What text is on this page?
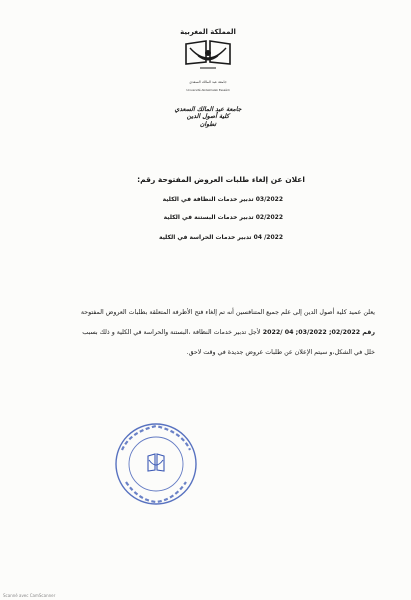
المملكة المغربية
جامعة عبد المالك السعدي
Université Abdelmalek Essaâdi
جامعة عبد المالك السعدي
كلية أصول الدين
تطوان
اعلان عن إلغاء طلبات العروض المفتوحة رقم:
03/2022 تدبير خدمات النظافة في الكلية
02/2022 تدبير خدمات البستنة في الكلية
2022/ 04 تدبير خدمات الحراسة في الكلية
يعلن عميد كلية أصول الدين إلى علم جميع المتنافسين أنه تم إلغاء فتح الأظرفة المتعلقة بطلبات العروض المفتوحة
رقم 02/2022; 03/2022; 04 /2022 لأجل تدبير خدمات النظافة ،البستنة والحراسة في الكلية و ذلك بسبب
خلل في الشكل،و سيتم الإعلان عن طلبات عروض جديدة في وقت لاحق.
Scanné avec CamScanner
